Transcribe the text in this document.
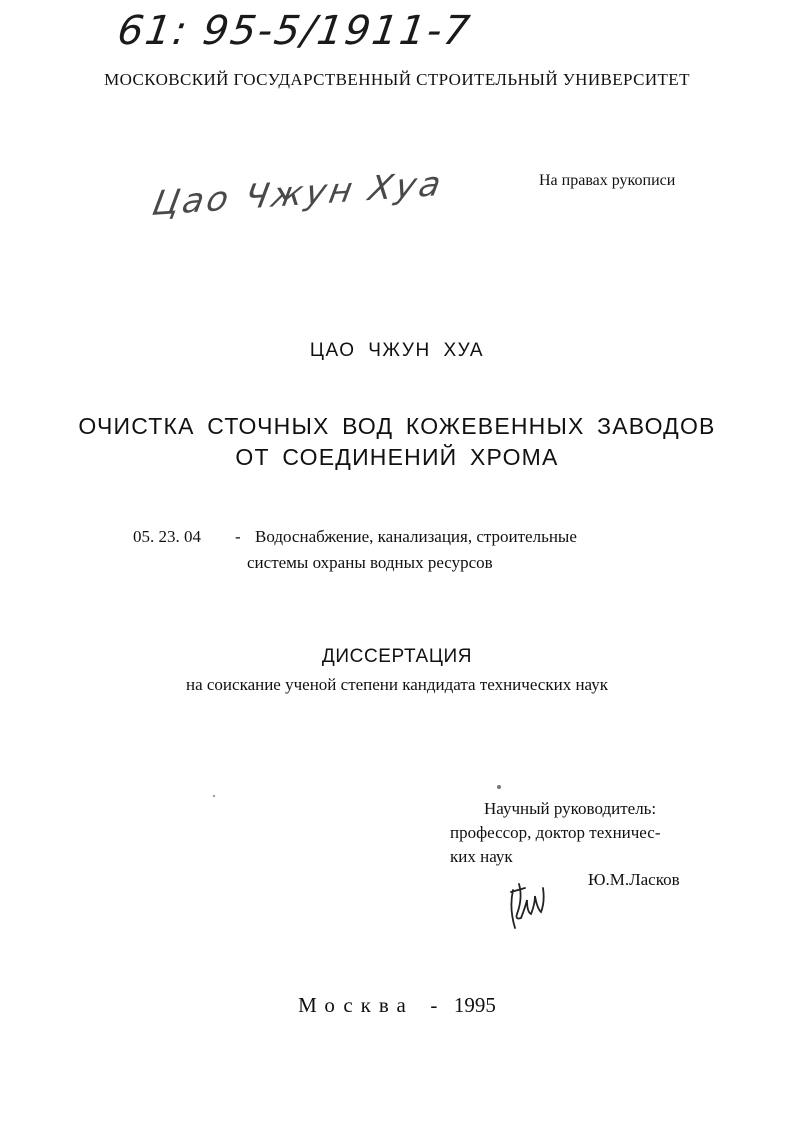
61: 95-5/1911-7
МОСКОВСКИЙ ГОСУДАРСТВЕННЫЙ СТРОИТЕЛЬНЫЙ УНИВЕРСИТЕТ
Цао Чжун Хуа	На правах рукописи
ЦАО ЧЖУН ХУА
ОЧИСТКА СТОЧНЫХ ВОД КОЖЕВЕННЫХ ЗАВОДОВ
ОТ СОЕДИНЕНИЙ ХРОМА
05. 23. 04 - Водоснабжение, канализация, строительные
системы охраны водных ресурсов
ДИССЕРТАЦИЯ
на соискание ученой степени кандидата технических наук
Научный руководитель:
профессор, доктор техничес-
ких наук
Ю.М.Ласков
Москва - 1995
